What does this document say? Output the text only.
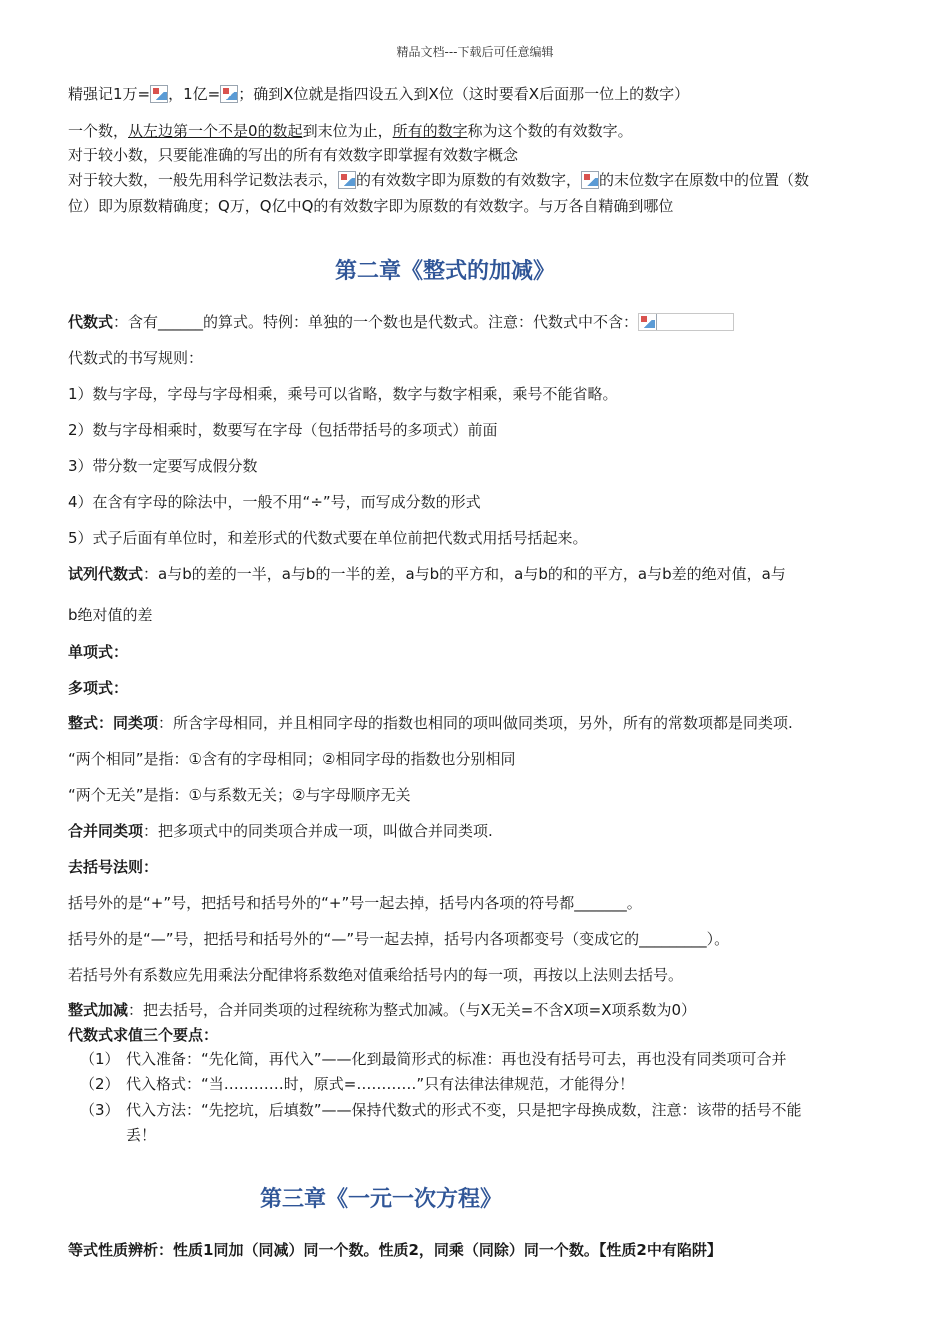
精品文档---下载后可任意编辑
精强记1万= ，1亿= ；确到X位就是指四设五入到X位（这时要看X后面那一位上的数字）
一个数，从左边第一个不是0的数起到末位为止，所有的数字称为这个数的有效数字。
对于较小数，只要能准确的写出的所有有效数字即掌握有效数字概念
对于较大数，一般先用科学记数法表示， 的有效数字即为原数的有效数字， 的末位数字在原数中的位置（数
位）即为原数精确度；Q万，Q亿中Q的有效数字即为原数的有效数字。与万各自精确到哪位
第二章《整式的加减》
代数式：含有______的算式。特例：单独的一个数也是代数式。注意：代数式中不含：
代数式的书写规则：
1）数与字母，字母与字母相乘，乘号可以省略，数字与数字相乘，乘号不能省略。
2）数与字母相乘时，数要写在字母（包括带括号的多项式）前面
3）带分数一定要写成假分数
4）在含有字母的除法中，一般不用“÷”号，而写成分数的形式
5）式子后面有单位时，和差形式的代数式要在单位前把代数式用括号括起来。
试列代数式：a与b的差的一半，a与b的一半的差，a与b的平方和，a与b的和的平方，a与b差的绝对值，a与
b绝对值的差
单项式：
多项式：
整式：同类项：所含字母相同，并且相同字母的指数也相同的项叫做同类项，另外，所有的常数项都是同类项.
“两个相同”是指：①含有的字母相同；②相同字母的指数也分别相同
“两个无关”是指：①与系数无关；②与字母顺序无关
合并同类项：把多项式中的同类项合并成一项，叫做合并同类项.
去括号法则：
括号外的是“+”号，把括号和括号外的“+”号一起去掉，括号内各项的符号都_______。
括号外的是“—”号，把括号和括号外的“—”号一起去掉，括号内各项都变号（变成它的_________）。
若括号外有系数应先用乘法分配律将系数绝对值乘给括号内的每一项，再按以上法则去括号。
整式加减：把去括号，合并同类项的过程统称为整式加减。（与X无关=不含X项=X项系数为0）
代数式求值三个要点：
（1） 代入准备：“先化简，再代入”——化到最简形式的标准：再也没有括号可去，再也没有同类项可合并
（2） 代入格式：“当…………时，原式=…………”只有法律法律规范，才能得分！
（3） 代入方法：“先挖坑，后填数”——保持代数式的形式不变，只是把字母换成数，注意：该带的括号不能
丢！
第三章《一元一次方程》
等式性质辨析：性质1同加（同减）同一个数。性质2，同乘（同除）同一个数。【性质2中有陷阱】
